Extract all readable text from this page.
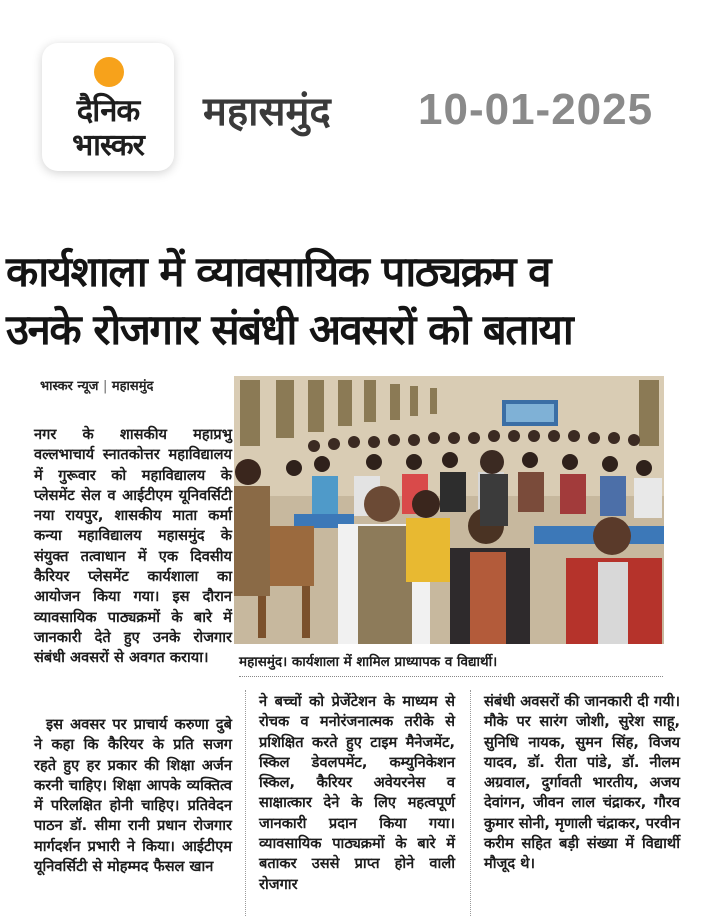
दैनिक
भास्कर
महासमुंद 10-01-2025
कार्यशाला में व्यावसायिक पाठ्यक्रम व
उनके रोजगार संबंधी अवसरों को बताया
भास्कर न्यूज | महासमुंद
महासमुंद। कार्यशाला में शामिल प्राध्यापक व विद्यार्थी।

नगर के शासकीय महाप्रभु वल्लभाचार्य स्नातकोत्तर महाविद्यालय में गुरूवार को महाविद्यालय के प्लेसमेंट सेल व आईटीएम यूनिवर्सिटी नया रायपुर, शासकीय माता कर्मा कन्या महाविद्यालय महासमुंद के संयुक्त तत्वाधान में एक दिवसीय कैरियर प्लेसमेंट कार्यशाला का आयोजन किया गया। इस दौरान व्यावसायिक पाठ्यक्रमों के बारे में जानकारी देते हुए उनके रोजगार संबंधी अवसरों से अवगत कराया।

इस अवसर पर प्राचार्य करुणा दुबे ने कहा कि कैरियर के प्रति सजग रहते हुए हर प्रकार की शिक्षा अर्जन करनी चाहिए। शिक्षा आपके व्यक्तित्व में परिलक्षित होनी चाहिए। प्रतिवेदन पाठन डॉ. सीमा रानी प्रधान रोजगार मार्गदर्शन प्रभारी ने किया। आईटीएम यूनिवर्सिटी से मोहम्मद फैसल खान

ने बच्चों को प्रेजेंटेशन के माध्यम से रोचक व मनोरंजनात्मक तरीके से प्रशिक्षित करते हुए टाइम मैनेजमेंट, स्किल डेवलपमेंट, कम्युनिकेशन स्किल, कैरियर अवेयरनेस व साक्षात्कार देने के लिए महत्वपूर्ण जानकारी प्रदान किया गया। व्यावसायिक पाठ्यक्रमों के बारे में बताकर उससे प्राप्त होने वाली रोजगार

संबंधी अवसरों की जानकारी दी गयी। मौके पर सारंग जोशी, सुरेश साहू, सुनिधि नायक, सुमन सिंह, विजय यादव, डॉ. रीता पांडे, डॉ. नीलम अग्रवाल, दुर्गावती भारतीय, अजय देवांगन, जीवन लाल चंद्राकर, गौरव कुमार सोनी, मृणाली चंद्राकर, परवीन करीम सहित बड़ी संख्या में विद्यार्थी मौजूद थे।
